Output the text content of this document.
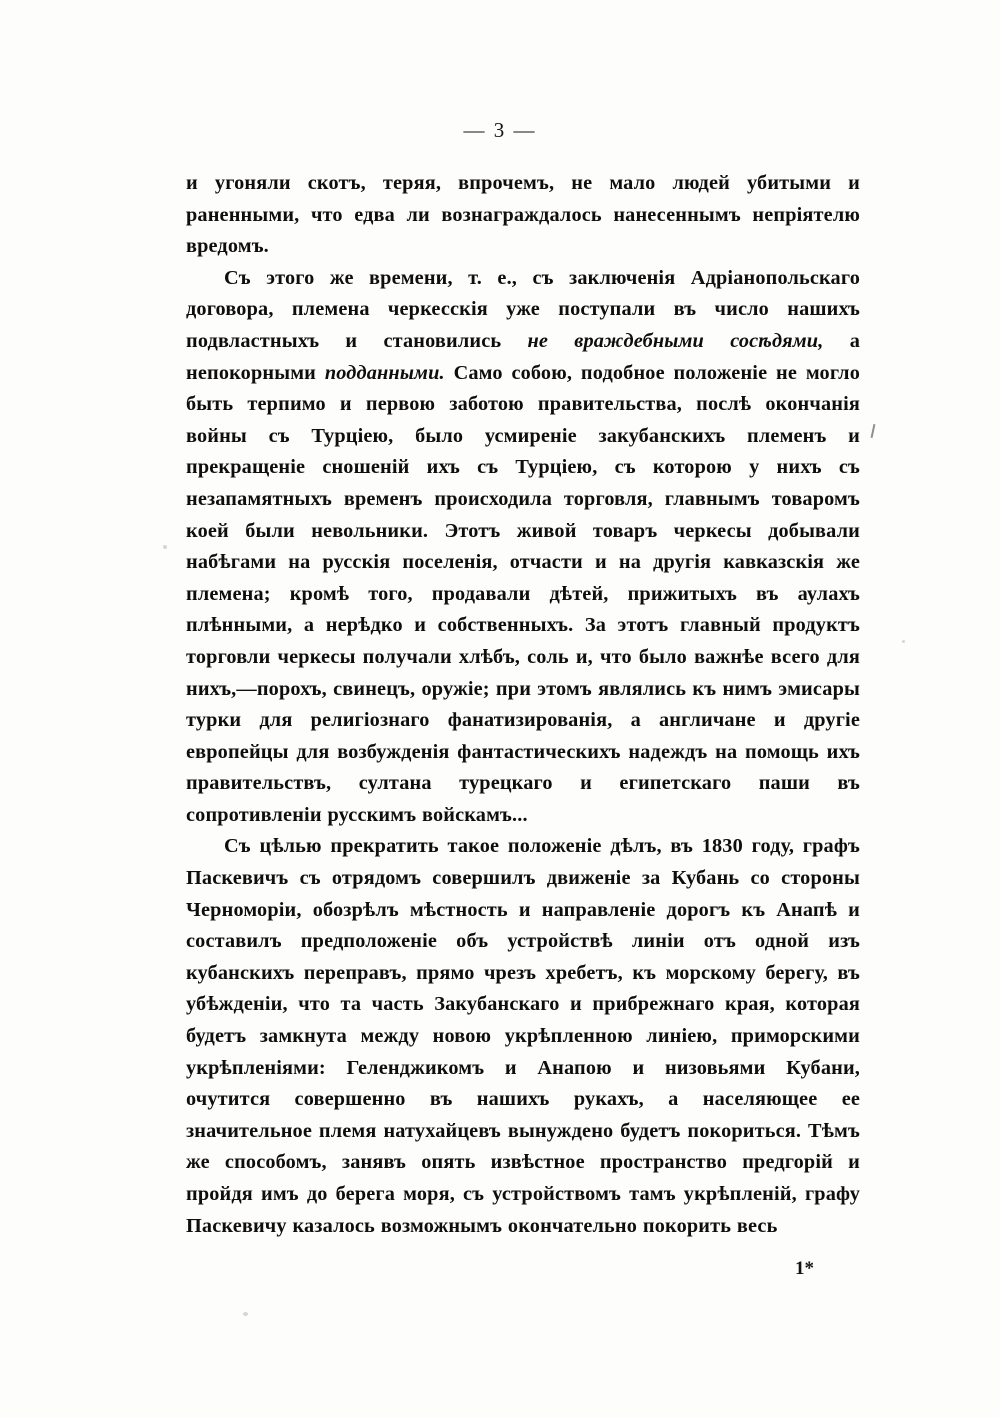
— 3 —

и угоняли скотъ, теряя, впрочемъ, не мало людей убитыми и раненными, что едва ли вознаграждалось нанесеннымъ непріятелю вредомъ.

Съ этого же времени, т. е., съ заключенія Адріанопольскаго договора, племена черкесскія уже поступали въ число нашихъ подвластныхъ и становились не враждебными сосѣдями, а непокорными подданными. Само собою, подобное положеніе не могло быть терпимо и первою заботою правительства, послѣ окончанія войны съ Турціею, было усмиреніе закубанскихъ племенъ и прекращеніе сношеній ихъ съ Турціею, съ которою у нихъ съ незапамятныхъ временъ происходила торговля, главнымъ товаромъ коей были невольники. Этотъ живой товаръ черкесы добывали набѣгами на русскія поселенія, отчасти и на другія кавказскія же племена; кромѣ того, продавали дѣтей, прижитыхъ въ аулахъ плѣнными, а нерѣдко и собственныхъ. За этотъ главный продуктъ торговли черкесы получали хлѣбъ, соль и, что было важнѣе всего для нихъ,—порохъ, свинецъ, оружіе; при этомъ являлись къ нимъ эмисары турки для религіознаго фанатизированія, а англичане и другіе европейцы для возбужденія фантастическихъ надеждъ на помощь ихъ правительствъ, султана турецкаго и египетскаго паши въ сопротивленіи русскимъ войскамъ...

Съ цѣлью прекратить такое положеніе дѣлъ, въ 1830 году, графъ Паскевичъ съ отрядомъ совершилъ движеніе за Кубань со стороны Черноморіи, обозрѣлъ мѣстность и направленіе дорогъ къ Анапѣ и составилъ предположеніе объ устройствѣ линіи отъ одной изъ кубанскихъ переправъ, прямо чрезъ хребетъ, къ морскому берегу, въ убѣжденіи, что та часть Закубанскаго и прибрежнаго края, которая будетъ замкнута между новою укрѣпленною линіею, приморскими укрѣпленіями: Геленджикомъ и Анапою и низовьями Кубани, очутится совершенно въ нашихъ рукахъ, а населяющее ее значительное племя натухайцевъ вынуждено будетъ покориться. Тѣмъ же способомъ, занявъ опять извѣстное пространство предгорій и пройдя имъ до берега моря, съ устройствомъ тамъ укрѣпленій, графу Паскевичу казалось возможнымъ окончательно покорить весь

1*
